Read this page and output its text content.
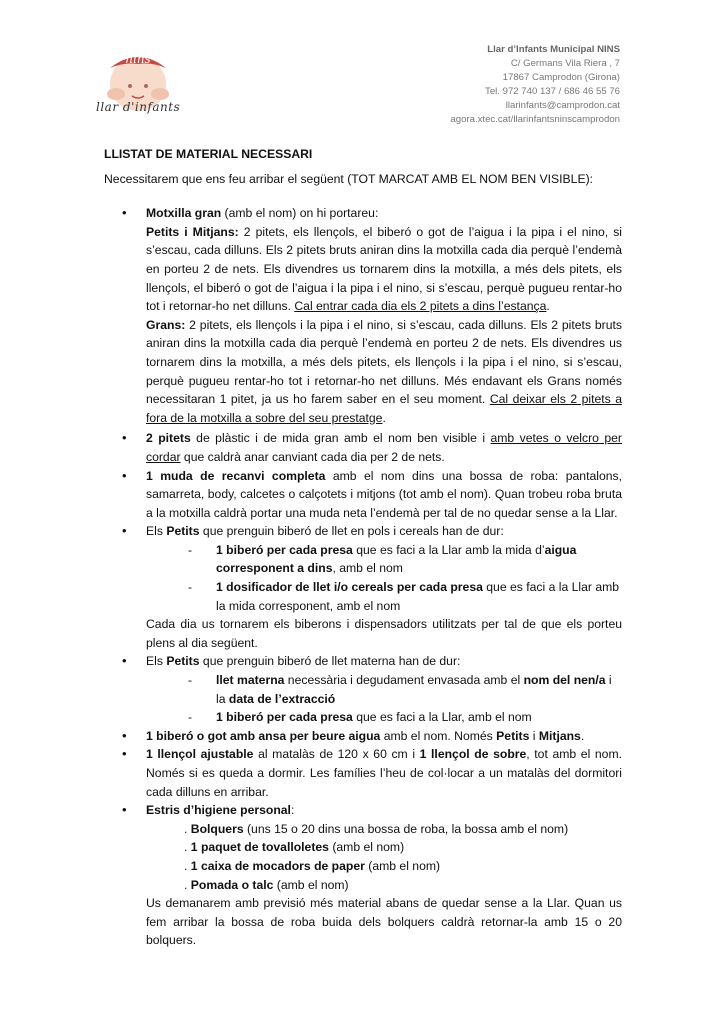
nins
llar d'infants
Llar d’Infants Municipal NINS
C/ Germans Vila Riera , 7
17867 Camprodon (Girona)
Tel. 972 740 137 / 686 46 55 76
llarinfants@camprodon.cat
agora.xtec.cat/llarinfantsninscamprodon

LLISTAT DE MATERIAL NECESSARI

Necessitarem que ens feu arribar el següent (TOT MARCAT AMB EL NOM BEN VISIBLE):

• Motxilla gran (amb el nom) on hi portareu:
Petits i Mitjans: 2 pitets, els llençols, el biberó o got de l’aigua i la pipa i el nino, si s’escau, cada dilluns. Els 2 pitets bruts aniran dins la motxilla cada dia perquè l’endemà en porteu 2 de nets. Els divendres us tornarem dins la motxilla, a més dels pitets, els llençols, el biberó o got de l’aigua i la pipa i el nino, si s’escau, perquè pugueu rentar-ho tot i retornar-ho net dilluns. Cal entrar cada dia els 2 pitets a dins l’estança.
Grans: 2 pitets, els llençols i la pipa i el nino, si s’escau, cada dilluns. Els 2 pitets bruts aniran dins la motxilla cada dia perquè l’endemà en porteu 2 de nets. Els divendres us tornarem dins la motxilla, a més dels pitets, els llençols i la pipa i el nino, si s’escau, perquè pugueu rentar-ho tot i retornar-ho net dilluns. Més endavant els Grans només necessitaran 1 pitet, ja us ho farem saber en el seu moment. Cal deixar els 2 pitets a fora de la motxilla a sobre del seu prestatge.
• 2 pitets de plàstic i de mida gran amb el nom ben visible i amb vetes o velcro per cordar que caldrà anar canviant cada dia per 2 de nets.
• 1 muda de recanvi completa amb el nom dins una bossa de roba: pantalons, samarreta, body, calcetes o calçotets i mitjons (tot amb el nom). Quan trobeu roba bruta a la motxilla caldrà portar una muda neta l’endemà per tal de no quedar sense a la Llar.
• Els Petits que prenguin biberó de llet en pols i cereals han de dur:
- 1 biberó per cada presa que es faci a la Llar amb la mida d’aigua corresponent a dins, amb el nom
- 1 dosificador de llet i/o cereals per cada presa que es faci a la Llar amb la mida corresponent, amb el nom
Cada dia us tornarem els biberons i dispensadors utilitzats per tal de que els porteu plens al dia següent.
• Els Petits que prenguin biberó de llet materna han de dur:
- llet materna necessària i degudament envasada amb el nom del nen/a i la data de l’extracció
- 1 biberó per cada presa que es faci a la Llar, amb el nom
• 1 biberó o got amb ansa per beure aigua amb el nom. Només Petits i Mitjans.
• 1 llençol ajustable al matalàs de 120 x 60 cm i 1 llençol de sobre, tot amb el nom. Només si es queda a dormir. Les famílies l’heu de col·locar a un matalàs del dormitori cada dilluns en arribar.
• Estris d’higiene personal:
. Bolquers (uns 15 o 20 dins una bossa de roba, la bossa amb el nom)
. 1 paquet de tovalloletes (amb el nom)
. 1 caixa de mocadors de paper (amb el nom)
. Pomada o talc (amb el nom)
Us demanarem amb previsió més material abans de quedar sense a la Llar. Quan us fem arribar la bossa de roba buida dels bolquers caldrà retornar-la amb 15 o 20 bolquers.
